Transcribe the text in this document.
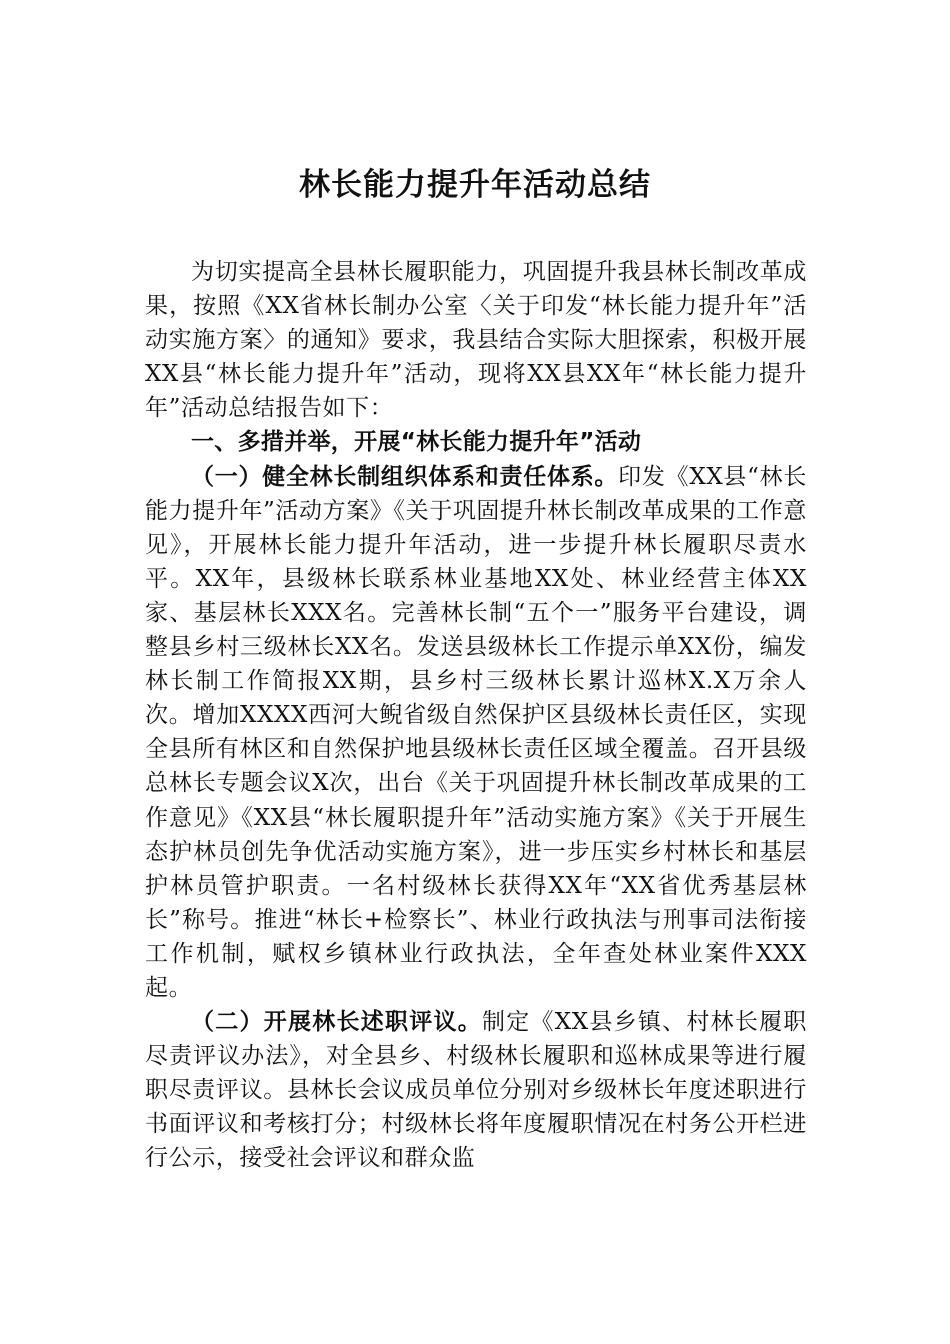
林长能力提升年活动总结

为切实提高全县林长履职能力，巩固提升我县林长制改革成果，按照《XX省林长制办公室〈关于印发“林长能力提升年”活动实施方案〉的通知》要求，我县结合实际大胆探索，积极开展XX县“林长能力提升年”活动，现将XX县XX年“林长能力提升年”活动总结报告如下：

一、多措并举，开展“林长能力提升年”活动

（一）健全林长制组织体系和责任体系。印发《XX县“林长能力提升年”活动方案》《关于巩固提升林长制改革成果的工作意见》，开展林长能力提升年活动，进一步提升林长履职尽责水平。XX年，县级林长联系林业基地XX处、林业经营主体XX家、基层林长XXX名。完善林长制“五个一”服务平台建设，调整县乡村三级林长XX名。发送县级林长工作提示单XX份，编发林长制工作简报XX期，县乡村三级林长累计巡林X.X万余人次。增加XXXX西河大鲵省级自然保护区县级林长责任区，实现全县所有林区和自然保护地县级林长责任区域全覆盖。召开县级总林长专题会议X次，出台《关于巩固提升林长制改革成果的工作意见》《XX县“林长履职提升年”活动实施方案》《关于开展生态护林员创先争优活动实施方案》，进一步压实乡村林长和基层护林员管护职责。一名村级林长获得XX年“XX省优秀基层林长”称号。推进“林长+检察长”、林业行政执法与刑事司法衔接工作机制，赋权乡镇林业行政执法，全年查处林业案件XXX起。

（二）开展林长述职评议。制定《XX县乡镇、村林长履职尽责评议办法》，对全县乡、村级林长履职和巡林成果等进行履职尽责评议。县林长会议成员单位分别对乡级林长年度述职进行书面评议和考核打分；村级林长将年度履职情况在村务公开栏进行公示，接受社会评议和群众监
